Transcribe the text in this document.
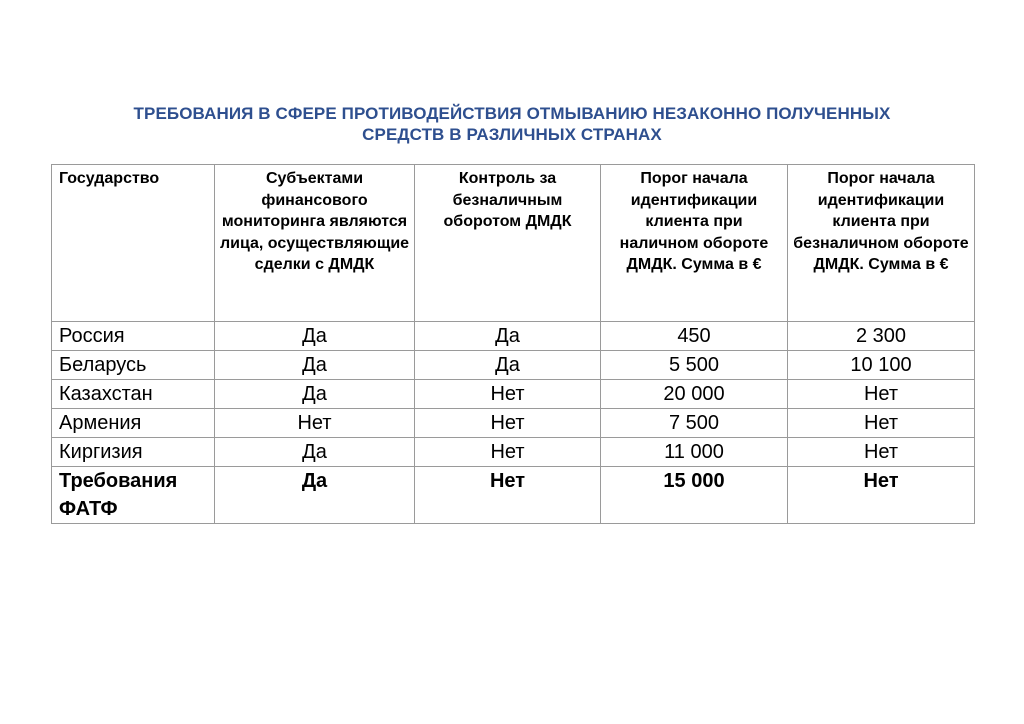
ТРЕБОВАНИЯ В СФЕРЕ ПРОТИВОДЕЙСТВИЯ ОТМЫВАНИЮ НЕЗАКОННО ПОЛУЧЕННЫХ
СРЕДСТВ В РАЗЛИЧНЫХ СТРАНАХ
Государство	Субъектами финансового мониторинга являются лица, осуществляющие сделки с ДМДК	Контроль за безналичным оборотом ДМДК	Порог начала идентификации клиента при наличном обороте ДМДК. Сумма в €	Порог начала идентификации клиента при безналичном обороте ДМДК. Сумма в €
Россия	Да	Да	450	2 300
Беларусь	Да	Да	5 500	10 100
Казахстан	Да	Нет	20 000	Нет
Армения	Нет	Нет	7 500	Нет
Киргизия	Да	Нет	11 000	Нет
Требования ФАТФ	Да	Нет	15 000	Нет
